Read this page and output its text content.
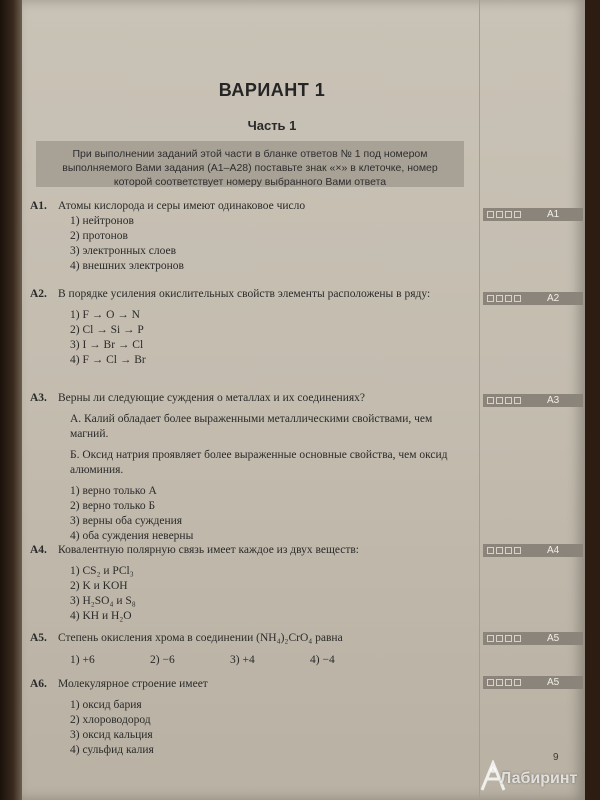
ВАРИАНТ 1
Часть 1
При выполнении заданий этой части в бланке ответов № 1 под номером выполняемого Вами задания (А1–А28) поставьте знак «×» в клеточке, номер которой соответствует номеру выбранного Вами ответа
A1. Атомы кислорода и серы имеют одинаковое число
1) нейтронов
2) протонов
3) электронных слоев
4) внешних электронов
A1
A2. В порядке усиления окислительных свойств элементы расположены в ряду:
1) F → O → N
2) Cl → Si → P
3) I → Br → Cl
4) F → Cl → Br
A2
A3. Верны ли следующие суждения о металлах и их соединениях?
А. Калий обладает более выраженными металлическими свойствами, чем магний.
Б. Оксид натрия проявляет более выраженные основные свойства, чем оксид алюминия.
1) верно только А
2) верно только Б
3) верны оба суждения
4) оба суждения неверны
A3
A4. Ковалентную полярную связь имеет каждое из двух веществ:
1) CS₂ и PCl₃
2) K и KOH
3) H₂SO₄ и S₈
4) KH и H₂O
A4
A5. Степень окисления хрома в соединении (NH₄)₂CrO₄ равна
1) +6	2) −6	3) +4	4) −4
A5
A6. Молекулярное строение имеет
1) оксид бария
2) хлороводород
3) оксид кальция
4) сульфид калия
A5
9
Лабиринт
